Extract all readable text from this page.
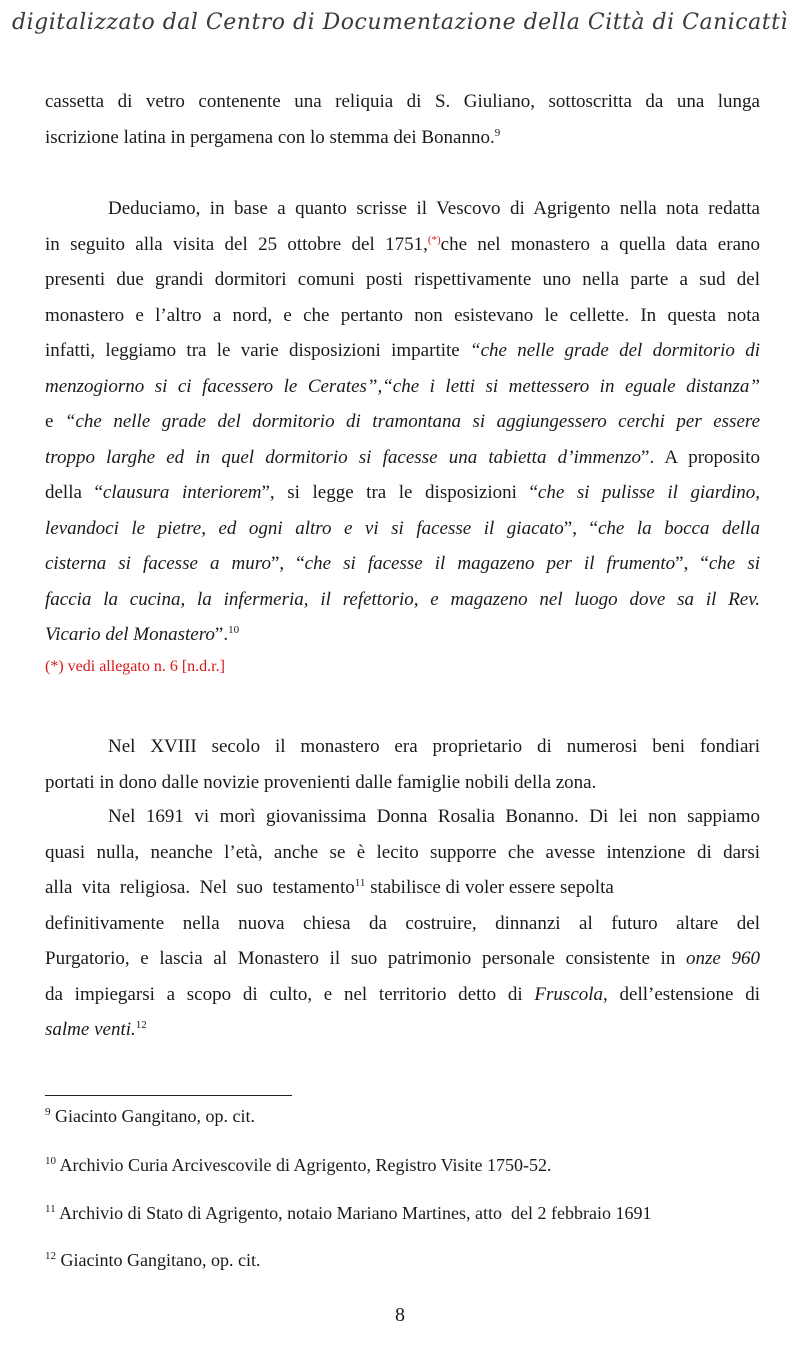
digitalizzato dal Centro di Documentazione della Città di Canicattì
cassetta di vetro contenente una reliquia di S. Giuliano, sottoscritta da una lunga
iscrizione latina in pergamena con lo stemma dei Bonanno.$^9$
Deduciamo, in base a quanto scrisse il Vescovo di Agrigento nella nota redatta
in seguito alla visita del 25 ottobre del 1751,(*)che nel monastero a quella data erano
presenti due grandi dormitori comuni posti rispettivamente uno nella parte a sud del
monastero e l’altro a nord, e che pertanto non esistevano le cellette. In questa nota
infatti, leggiamo tra le varie disposizioni impartite “che nelle grade del dormitorio di
menzogiorno si ci facessero le Cerates”,“che i letti si mettessero in eguale distanza”
e “che nelle grade del dormitorio di tramontana si aggiungessero cerchi per essere
troppo larghe ed in quel dormitorio si facesse una tabietta d’immenzo”. A proposito
della “clausura interiorem”, si legge tra le disposizioni “che si pulisse il giardino,
levandoci le pietre, ed ogni altro e vi si facesse il giacato”, “che la bocca della
cisterna si facesse a muro”, “che si facesse il magazeno per il frumento”, “che si
faccia la cucina, la infermeria, il refettorio, e magazeno nel luogo dove sa il Rev.
Vicario del Monastero”.$^{10}$
(*) vedi allegato n. 6 [n.d.r.]
Nel XVIII secolo il monastero era proprietario di numerosi beni fondiari
portati in dono dalle novizie provenienti dalle famiglie nobili della zona.
Nel 1691 vi morì giovanissima Donna Rosalia Bonanno. Di lei non sappiamo
quasi nulla, neanche l’età, anche se è lecito supporre che avesse intenzione di darsi
alla  vita  religiosa.  Nel  suo  testamento$^{11}$ stabilisce di voler essere sepolta
definitivamente nella nuova chiesa da costruire, dinnanzi al futuro altare del
Purgatorio, e lascia al Monastero il suo patrimonio personale consistente in onze 960
da impiegarsi a scopo di culto, e nel territorio detto di Fruscola, dell’estensione di
salme venti.$^{12}$
$^9$ Giacinto Gangitano, op. cit.
$^{10}$ Archivio Curia Arcivescovile di Agrigento, Registro Visite 1750-52.
$^{11}$ Archivio di Stato di Agrigento, notaio Mariano Martines, atto  del 2 febbraio 1691
$^{12}$ Giacinto Gangitano, op. cit.
8
